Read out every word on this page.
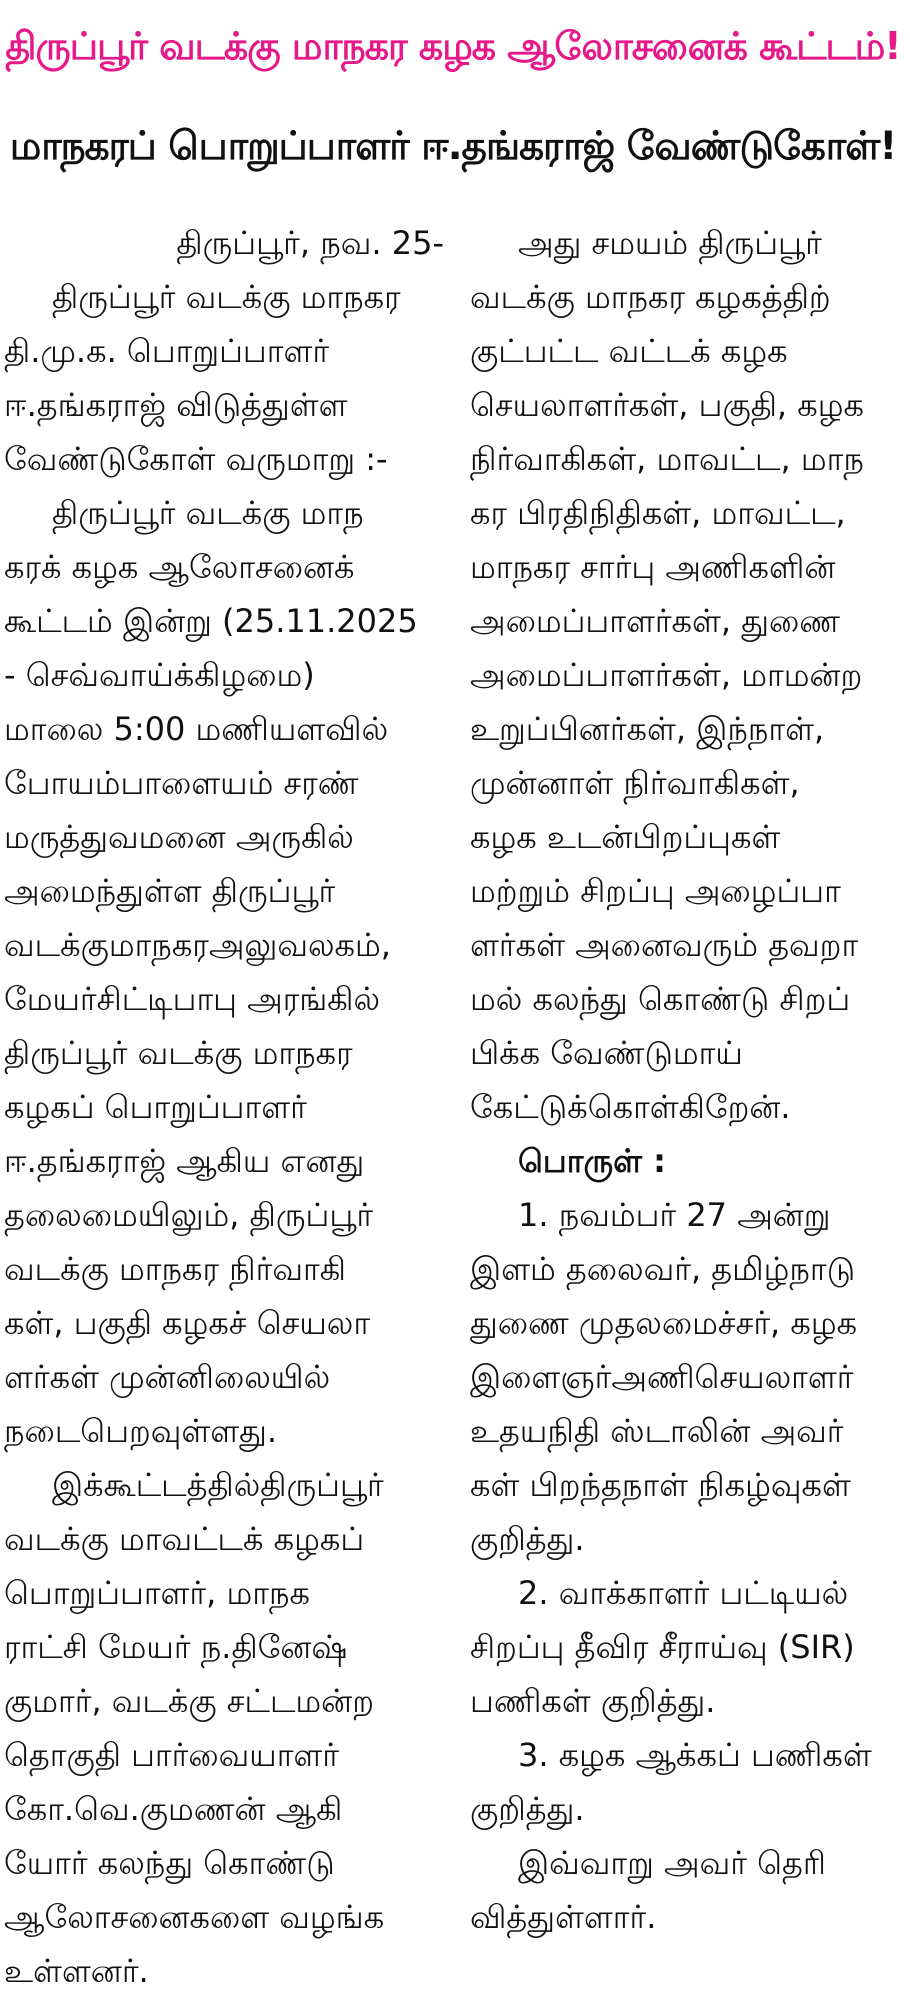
திருப்பூர் வடக்கு மாநகர கழக ஆலோசனைக் கூட்டம்!
மாநகரப் பொறுப்பாளர் ஈ.தங்கராஜ் வேண்டுகோள்!
திருப்பூர், நவ. 25-
திருப்பூர் வடக்கு மாநகர
தி.மு.க. பொறுப்பாளர்
ஈ.தங்கராஜ் விடுத்துள்ள
வேண்டுகோள் வருமாறு :-
திருப்பூர் வடக்கு மாந
கரக் கழக ஆலோசனைக்
கூட்டம் இன்று (25.11.2025
- செவ்வாய்க்கிழமை)
மாலை 5:00 மணியளவில்
போயம்பாளையம் சரண்
மருத்துவமனை அருகில்
அமைந்துள்ள திருப்பூர்
வடக்குமாநகரஅலுவலகம்,
மேயர்சிட்டிபாபு அரங்கில்
திருப்பூர் வடக்கு மாநகர
கழகப் பொறுப்பாளர்
ஈ.தங்கராஜ் ஆகிய எனது
தலைமையிலும், திருப்பூர்
வடக்கு மாநகர நிர்வாகி
கள், பகுதி கழகச் செயலா
ளர்கள் முன்னிலையில்
நடைபெறவுள்ளது.
இக்கூட்டத்தில்திருப்பூர்
வடக்கு மாவட்டக் கழகப்
பொறுப்பாளர், மாநக
ராட்சி மேயர் ந.தினேஷ்
குமார், வடக்கு சட்டமன்ற
தொகுதி பார்வையாளர்
கோ.வெ.குமணன் ஆகி
யோர் கலந்து கொண்டு
ஆலோசனைகளை வழங்க
உள்ளனர்.
அது சமயம் திருப்பூர்
வடக்கு மாநகர கழகத்திற்
குட்பட்ட வட்டக் கழக
செயலாளர்கள், பகுதி, கழக
நிர்வாகிகள், மாவட்ட, மாந
கர பிரதிநிதிகள், மாவட்ட,
மாநகர சார்பு அணிகளின்
அமைப்பாளர்கள், துணை
அமைப்பாளர்கள், மாமன்ற
உறுப்பினர்கள், இந்நாள்,
முன்னாள் நிர்வாகிகள்,
கழக உடன்பிறப்புகள்
மற்றும் சிறப்பு அழைப்பா
ளர்கள் அனைவரும் தவறா
மல் கலந்து கொண்டு சிறப்
பிக்க வேண்டுமாய்
கேட்டுக்கொள்கிறேன்.
பொருள் :
1. நவம்பர் 27 அன்று
இளம் தலைவர், தமிழ்நாடு
துணை முதலமைச்சர், கழக
இளைஞர்அணிசெயலாளர்
உதயநிதி ஸ்டாலின் அவர்
கள் பிறந்தநாள் நிகழ்வுகள்
குறித்து.
2. வாக்காளர் பட்டியல்
சிறப்பு தீவிர சீராய்வு (SIR)
பணிகள் குறித்து.
3. கழக ஆக்கப் பணிகள்
குறித்து.
இவ்வாறு அவர் தெரி
வித்துள்ளார்.
